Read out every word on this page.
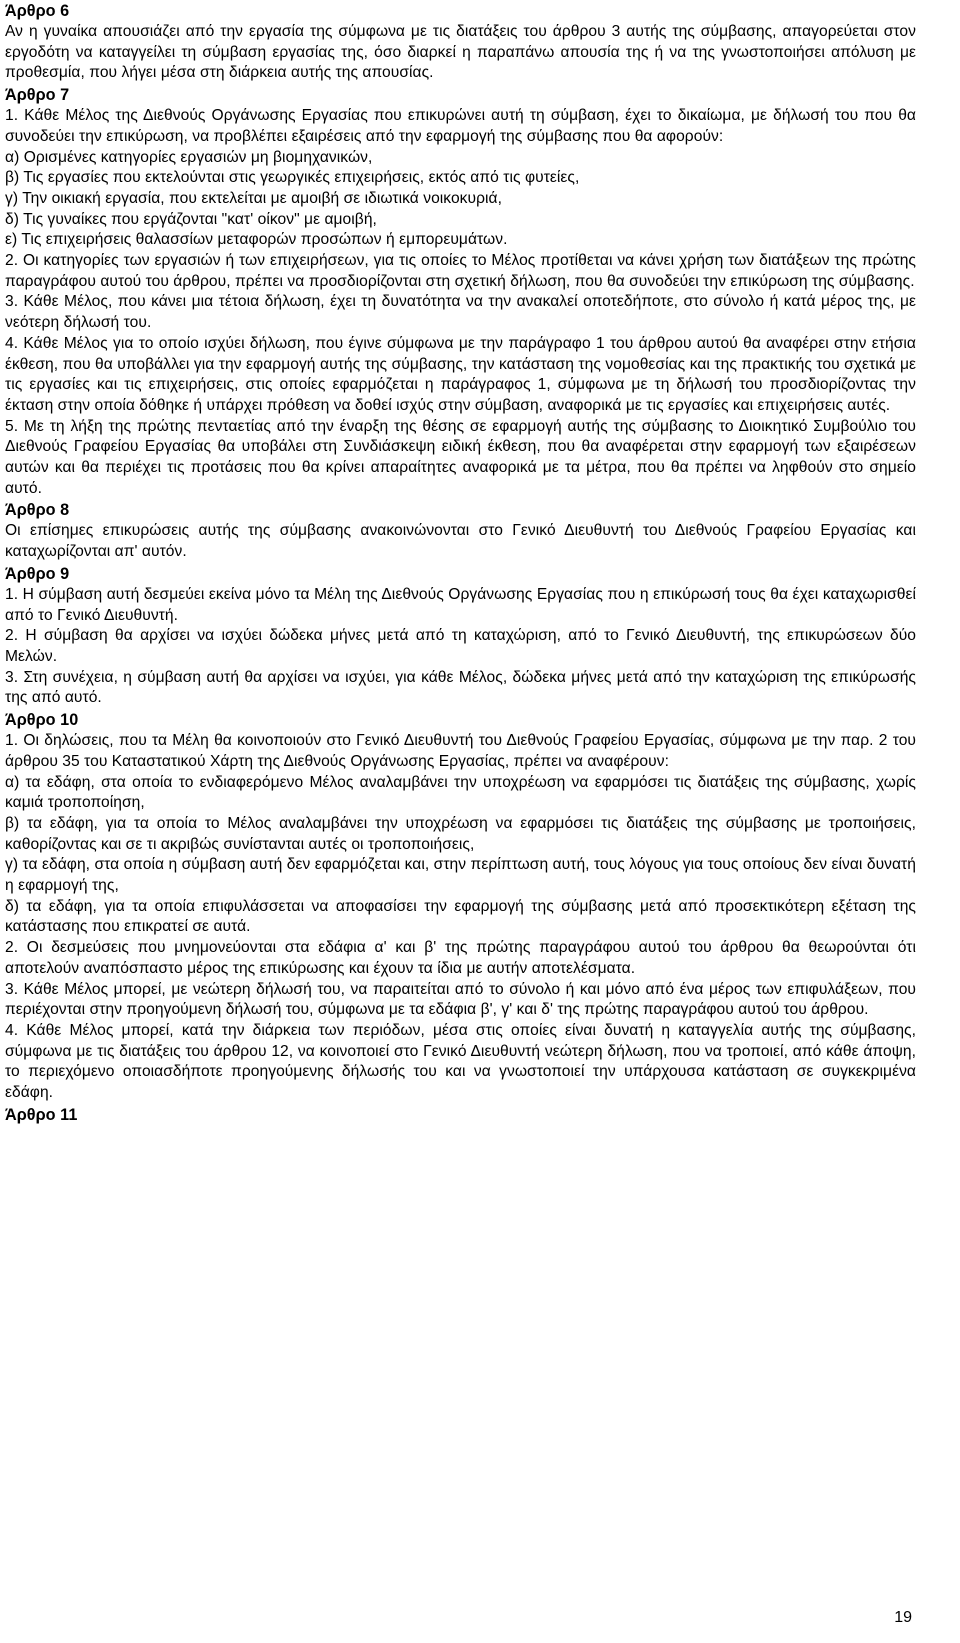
Άρθρο 6

Αν η γυναίκα απουσιάζει από την εργασία της σύμφωνα με τις διατάξεις του άρθρου 3 αυτής της σύμβασης, απαγορεύεται στον εργοδότη να καταγγείλει τη σύμβαση εργασίας της, όσο διαρκεί η παραπάνω απουσία της ή να της γνωστοποιήσει απόλυση με προθεσμία, που λήγει μέσα στη διάρκεια αυτής της απουσίας.

Άρθρο 7

1. Κάθε Μέλος της Διεθνούς Οργάνωσης Εργασίας που επικυρώνει αυτή τη σύμβαση, έχει το δικαίωμα, με δήλωσή του που θα συνοδεύει την επικύρωση, να προβλέπει εξαιρέσεις από την εφαρμογή της σύμβασης που θα αφορούν:

α) Ορισμένες κατηγορίες εργασιών μη βιομηχανικών,

β) Τις εργασίες που εκτελούνται στις γεωργικές επιχειρήσεις, εκτός από τις φυτείες,

γ) Την οικιακή εργασία, που εκτελείται με αμοιβή σε ιδιωτικά νοικοκυριά,

δ) Τις γυναίκες που εργάζονται "κατ' οίκον" με αμοιβή,

ε) Τις επιχειρήσεις θαλασσίων μεταφορών προσώπων ή εμπορευμάτων.

2. Οι κατηγορίες των εργασιών ή των επιχειρήσεων, για τις οποίες το Μέλος προτίθεται να κάνει χρήση των διατάξεων της πρώτης παραγράφου αυτού του άρθρου, πρέπει να προσδιορίζονται στη σχετική δήλωση, που θα συνοδεύει την επικύρωση της σύμβασης.

3. Κάθε Μέλος, που κάνει μια τέτοια δήλωση, έχει τη δυνατότητα να την ανακαλεί οποτεδήποτε, στο σύνολο ή κατά μέρος της, με νεότερη δήλωσή του.

4. Κάθε Μέλος για το οποίο ισχύει δήλωση, που έγινε σύμφωνα με την παράγραφο 1 του άρθρου αυτού θα αναφέρει στην ετήσια έκθεση, που θα υποβάλλει για την εφαρμογή αυτής της σύμβασης, την κατάσταση της νομοθεσίας και της πρακτικής του σχετικά με τις εργασίες και τις επιχειρήσεις, στις οποίες εφαρμόζεται η παράγραφος 1, σύμφωνα με τη δήλωσή του προσδιορίζοντας την έκταση στην οποία δόθηκε ή υπάρχει πρόθεση να δοθεί ισχύς στην σύμβαση, αναφορικά με τις εργασίες και επιχειρήσεις αυτές.

5. Με τη λήξη της πρώτης πενταετίας από την έναρξη της θέσης σε εφαρμογή αυτής της σύμβασης το Διοικητικό Συμβούλιο του Διεθνούς Γραφείου Εργασίας θα υποβάλει στη Συνδιάσκεψη ειδική έκθεση, που θα αναφέρεται στην εφαρμογή των εξαιρέσεων αυτών και θα περιέχει τις προτάσεις που θα κρίνει απαραίτητες αναφορικά με τα μέτρα, που θα πρέπει να ληφθούν στο σημείο αυτό.

Άρθρο 8

Οι επίσημες επικυρώσεις αυτής της σύμβασης ανακοινώνονται στο Γενικό Διευθυντή του Διεθνούς Γραφείου Εργασίας και καταχωρίζονται απ' αυτόν.

Άρθρο 9

1. Η σύμβαση αυτή δεσμεύει εκείνα μόνο τα Μέλη της Διεθνούς Οργάνωσης Εργασίας που η επικύρωσή τους θα έχει καταχωρισθεί από το Γενικό Διευθυντή.

2. Η σύμβαση θα αρχίσει να ισχύει δώδεκα μήνες μετά από τη καταχώριση, από το Γενικό Διευθυντή, της επικυρώσεων δύο Μελών.

3. Στη συνέχεια, η σύμβαση αυτή θα αρχίσει να ισχύει, για κάθε Μέλος, δώδεκα μήνες μετά από την καταχώριση της επικύρωσής της από αυτό.

Άρθρο 10

1. Οι δηλώσεις, που τα Μέλη θα κοινοποιούν στο Γενικό Διευθυντή του Διεθνούς Γραφείου Εργασίας, σύμφωνα με την παρ. 2 του άρθρου 35 του Καταστατικού Χάρτη της Διεθνούς Οργάνωσης Εργασίας, πρέπει να αναφέρουν:

α) τα εδάφη, στα οποία το ενδιαφερόμενο Μέλος αναλαμβάνει την υποχρέωση να εφαρμόσει τις διατάξεις της σύμβασης, χωρίς καμιά τροποποίηση,

β) τα εδάφη, για τα οποία το Μέλος αναλαμβάνει την υποχρέωση να εφαρμόσει τις διατάξεις της σύμβασης με τροποιήσεις, καθορίζοντας και σε τι ακριβώς συνίστανται αυτές οι τροποποιήσεις,

γ) τα εδάφη, στα οποία η σύμβαση αυτή δεν εφαρμόζεται και, στην περίπτωση αυτή, τους λόγους για τους οποίους δεν είναι δυνατή η εφαρμογή της,

δ) τα εδάφη, για τα οποία επιφυλάσσεται να αποφασίσει την εφαρμογή της σύμβασης μετά από προσεκτικότερη εξέταση της κατάστασης που επικρατεί σε αυτά.

2. Οι δεσμεύσεις που μνημονεύονται στα εδάφια α' και β' της πρώτης παραγράφου αυτού του άρθρου θα θεωρούνται ότι αποτελούν αναπόσπαστο μέρος της επικύρωσης και έχουν τα ίδια με αυτήν αποτελέσματα.

3. Κάθε Μέλος μπορεί, με νεώτερη δήλωσή του, να παραιτείται από το σύνολο ή και μόνο από ένα μέρος των επιφυλάξεων, που περιέχονται στην προηγούμενη δήλωσή του, σύμφωνα με τα εδάφια β', γ' και δ' της πρώτης παραγράφου αυτού του άρθρου.

4. Κάθε Μέλος μπορεί, κατά την διάρκεια των περιόδων, μέσα στις οποίες είναι δυνατή η καταγγελία αυτής της σύμβασης, σύμφωνα με τις διατάξεις του άρθρου 12, να κοινοποιεί στο Γενικό Διευθυντή νεώτερη δήλωση, που να τροποιεί, από κάθε άποψη, το περιεχόμενο οποιασδήποτε προηγούμενης δήλωσής του και να γνωστοποιεί την υπάρχουσα κατάσταση σε συγκεκριμένα εδάφη.

Άρθρο 11
19
